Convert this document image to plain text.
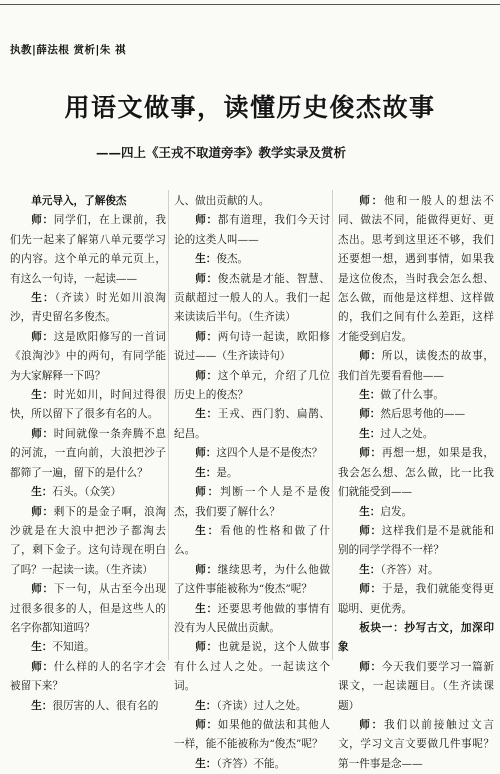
执教|薛法根 赏析|朱 祺
用语文做事，读懂历史俊杰故事
——四上《王戎不取道旁李》教学实录及赏析

单元导入，了解俊杰

师：同学们，在上课前，我们先一起来了解第八单元要学习的内容。这个单元的单元页上，有这么一句诗，一起读——

生：（齐读）时光如川浪淘沙，青史留名多俊杰。

师：这是欧阳修写的一首词《浪淘沙》中的两句，有同学能为大家解释一下吗？

生：时光如川，时间过得很快，所以留下了很多有名的人。

师：时间就像一条奔腾不息的河流，一直向前，大浪把沙子都筛了一遍，留下的是什么？

生：石头。（众笑）

师：剩下的是金子啊，浪淘沙就是在大浪中把沙子都淘去了，剩下金子。这句诗现在明白了吗？一起读一读。（生齐读）

师：下一句，从古至今出现过很多很多的人，但是这些人的名字你都知道吗？

生：不知道。

师：什么样的人的名字才会被留下来？

生：很厉害的人、很有名的

人、做出贡献的人。

师：都有道理，我们今天讨论的这类人叫——

生：俊杰。

师：俊杰就是才能、智慧、贡献超过一般人的人。我们一起来读读后半句。（生齐读）

师：两句诗一起读，欧阳修说过——（生齐读诗句）

师：这个单元，介绍了几位历史上的俊杰？

生：王戎、西门豹、扁鹊、纪昌。

师：这四个人是不是俊杰？

生：是。

师：判断一个人是不是俊杰，我们要了解什么？

生：看他的性格和做了什么。

师：继续思考，为什么他做了这件事能被称为“俊杰”呢？

生：还要思考他做的事情有没有为人民做出贡献。

师：也就是说，这个人做事有什么过人之处。一起读这个词。

生：（齐读）过人之处。

师：如果他的做法和其他人一样，能不能被称为“俊杰”呢？

生：（齐答）不能。

师：他和一般人的想法不同、做法不同，能做得更好、更杰出。思考到这里还不够，我们还要想一想，遇到事情，如果我是这位俊杰，当时我会怎么想、怎么做，而他是这样想、这样做的，我们之间有什么差距，这样才能受到启发。

师：所以，读俊杰的故事，我们首先要看看他——

生：做了什么事。

师：然后思考他的——

生：过人之处。

师：再想一想，如果是我，我会怎么想、怎么做，比一比我们就能受到——

生：启发。

师：这样我们是不是就能和别的同学学得不一样？

生：（齐答）对。

师：于是，我们就能变得更聪明、更优秀。

板块一：抄写古文，加深印象

师：今天我们要学习一篇新课文，一起读题目。（生齐读课题）

师：我们以前接触过文言文，学习文言文要做几件事呢？第一件事是念——
